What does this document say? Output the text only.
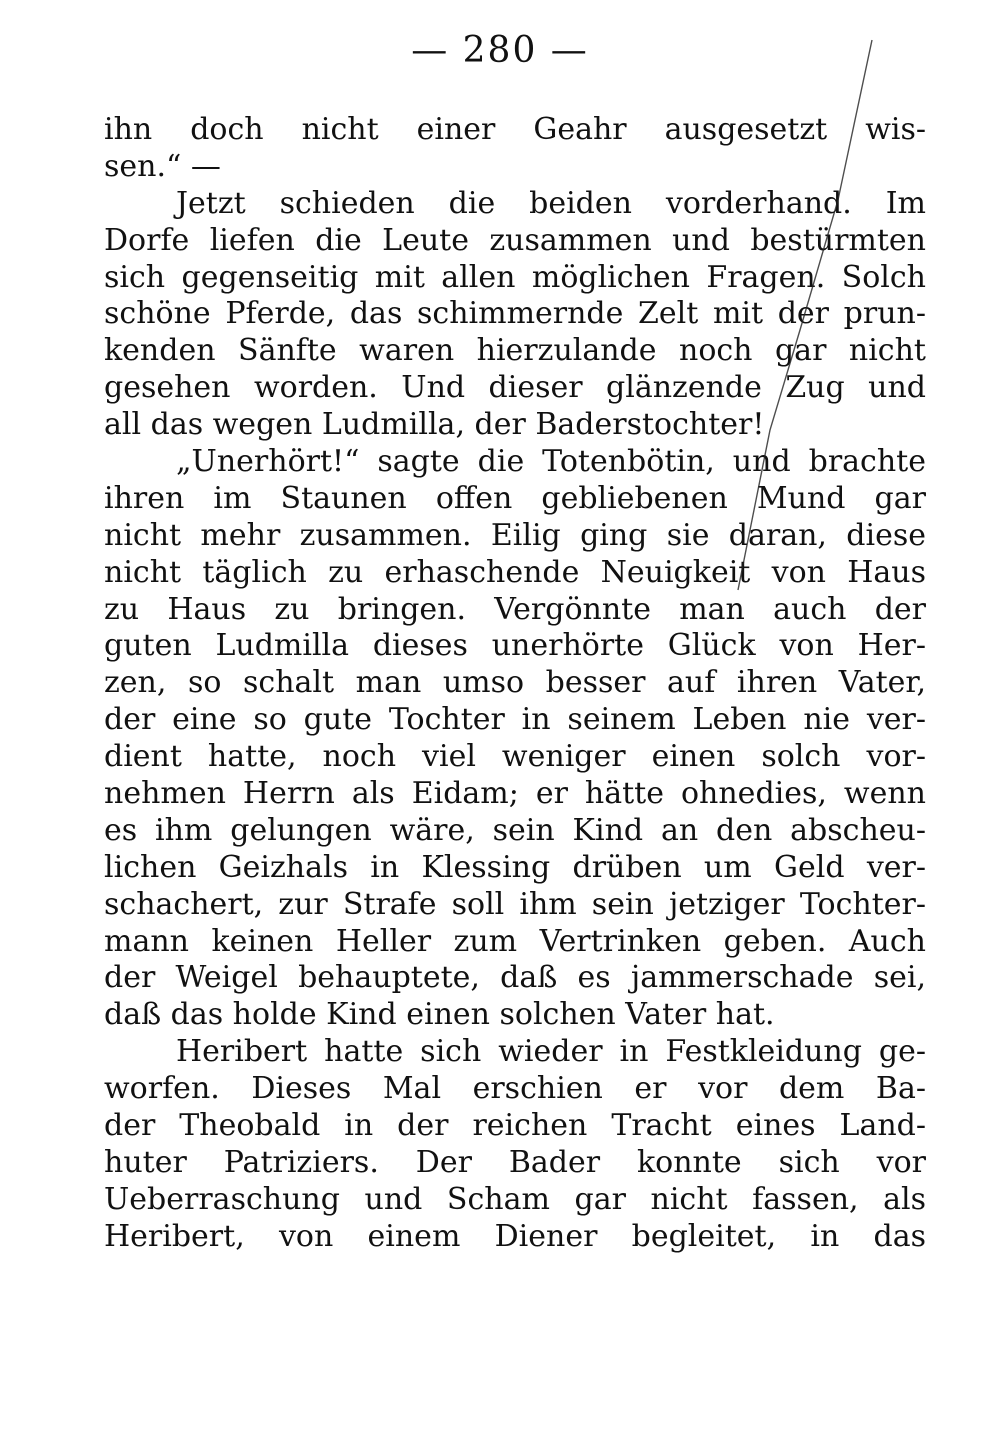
— 280 —
ihn doch nicht einer Geahr ausgesetzt wis-
sen.“ —
Jetzt schieden die beiden vorderhand. Im
Dorfe liefen die Leute zusammen und bestürmten
sich gegenseitig mit allen möglichen Fragen. Solch
schöne Pferde, das schimmernde Zelt mit der prun-
kenden Sänfte waren hierzulande noch gar nicht
gesehen worden. Und dieser glänzende Zug und
all das wegen Ludmilla, der Baderstochter!
„Unerhört!“ sagte die Totenbötin, und brachte
ihren im Staunen offen gebliebenen Mund gar
nicht mehr zusammen. Eilig ging sie daran, diese
nicht täglich zu erhaschende Neuigkeit von Haus
zu Haus zu bringen. Vergönnte man auch der
guten Ludmilla dieses unerhörte Glück von Her-
zen, so schalt man umso besser auf ihren Vater,
der eine so gute Tochter in seinem Leben nie ver-
dient hatte, noch viel weniger einen solch vor-
nehmen Herrn als Eidam; er hätte ohnedies, wenn
es ihm gelungen wäre, sein Kind an den abscheu-
lichen Geizhals in Klessing drüben um Geld ver-
schachert, zur Strafe soll ihm sein jetziger Tochter-
mann keinen Heller zum Vertrinken geben. Auch
der Weigel behauptete, daß es jammerschade sei,
daß das holde Kind einen solchen Vater hat.
Heribert hatte sich wieder in Festkleidung ge-
worfen. Dieses Mal erschien er vor dem Ba-
der Theobald in der reichen Tracht eines Land-
huter Patriziers. Der Bader konnte sich vor
Ueberraschung und Scham gar nicht fassen, als
Heribert, von einem Diener begleitet, in das
